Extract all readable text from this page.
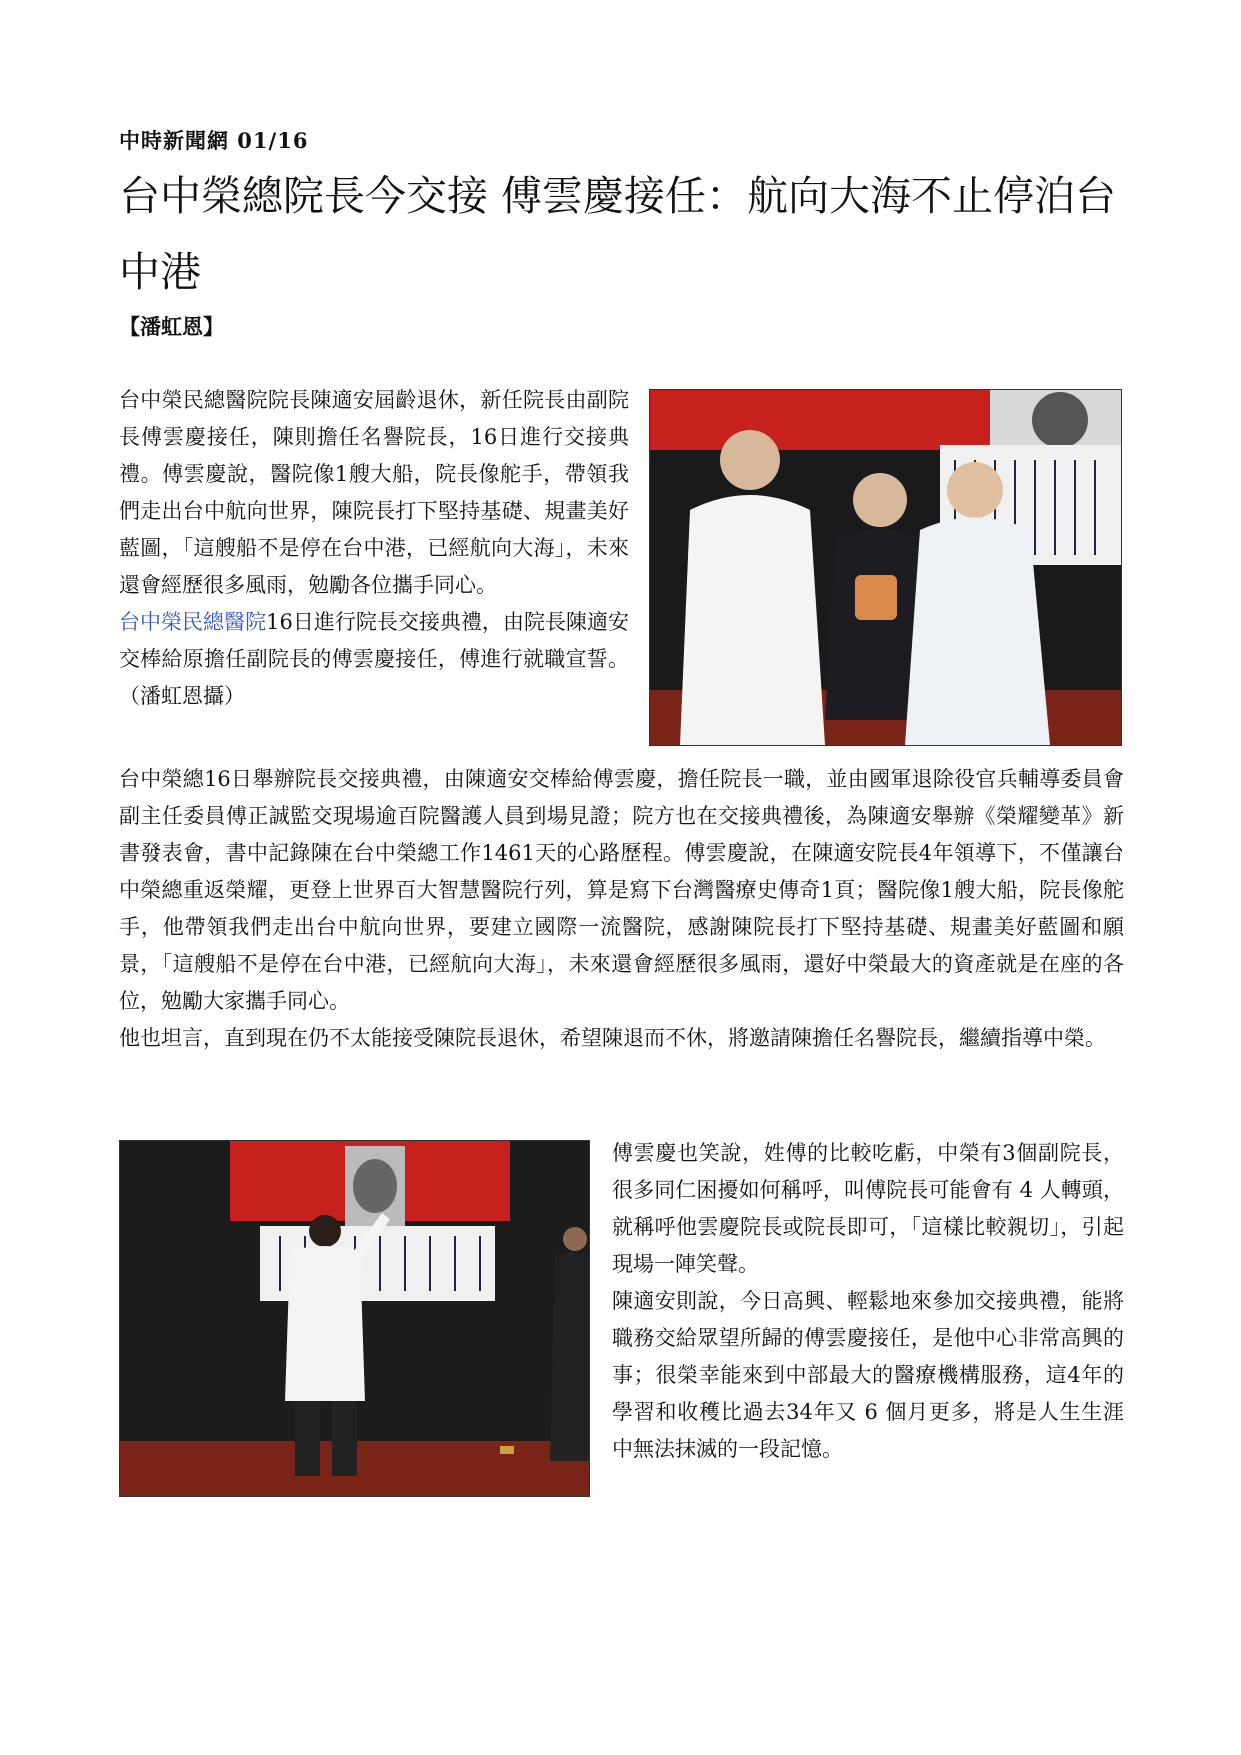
中時新聞網 01/16
台中榮總院長今交接 傅雲慶接任：航向大海不止停泊台中港
【潘虹恩】
台中榮民總醫院院長陳適安屆齡退休，新任院長由副院長傅雲慶接任，陳則擔任名譽院長，16日進行交接典禮。傅雲慶說，醫院像1艘大船，院長像舵手，帶領我們走出台中航向世界，陳院長打下堅持基礎、規畫美好藍圖，「這艘船不是停在台中港，已經航向大海」，未來還會經歷很多風雨，勉勵各位攜手同心。
台中榮民總醫院16日進行院長交接典禮，由院長陳適安交棒給原擔任副院長的傅雲慶接任，傅進行就職宣誓。（潘虹恩攝）
台中榮總16日舉辦院長交接典禮，由陳適安交棒給傅雲慶，擔任院長一職，並由國軍退除役官兵輔導委員會副主任委員傅正誠監交現場逾百院醫護人員到場見證；院方也在交接典禮後，為陳適安舉辦《榮耀變革》新書發表會，書中記錄陳在台中榮總工作1461天的心路歷程。傅雲慶說，在陳適安院長4年領導下，不僅讓台中榮總重返榮耀，更登上世界百大智慧醫院行列，算是寫下台灣醫療史傳奇1頁；醫院像1艘大船，院長像舵手，他帶領我們走出台中航向世界，要建立國際一流醫院，感謝陳院長打下堅持基礎、規畫美好藍圖和願景，「這艘船不是停在台中港，已經航向大海」，未來還會經歷很多風雨，還好中榮最大的資產就是在座的各位，勉勵大家攜手同心。
他也坦言，直到現在仍不太能接受陳院長退休，希望陳退而不休，將邀請陳擔任名譽院長，繼續指導中榮。
傅雲慶也笑說，姓傅的比較吃虧，中榮有3個副院長，很多同仁困擾如何稱呼，叫傅院長可能會有 4 人轉頭，就稱呼他雲慶院長或院長即可，「這樣比較親切」，引起現場一陣笑聲。
陳適安則說，今日高興、輕鬆地來參加交接典禮，能將職務交給眾望所歸的傅雲慶接任，是他中心非常高興的事；很榮幸能來到中部最大的醫療機構服務，這4年的學習和收穫比過去34年又 6 個月更多，將是人生生涯中無法抹滅的一段記憶。
